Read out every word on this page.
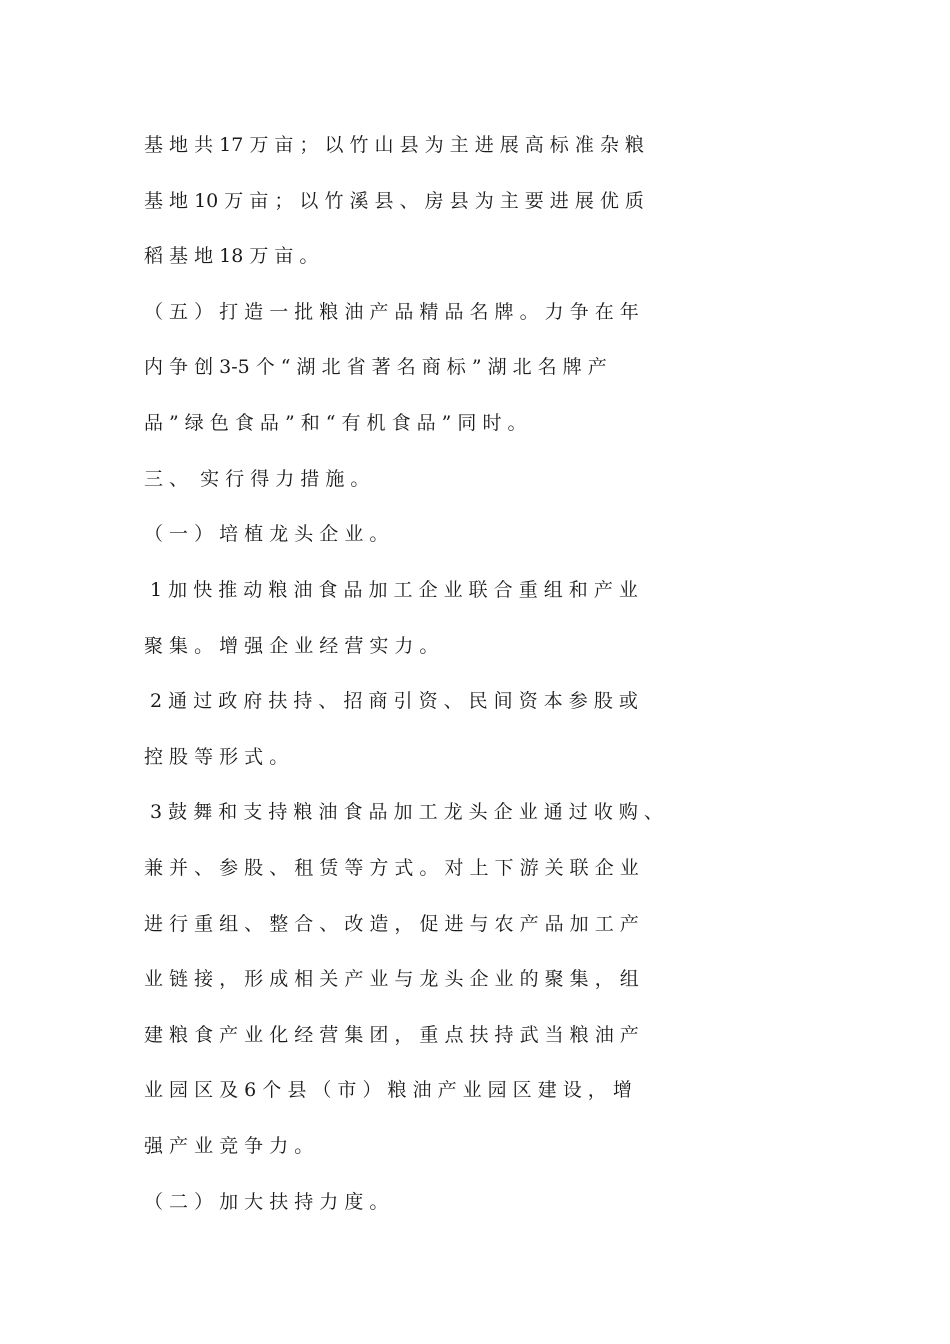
基 地 共 17 万 亩 ； 以 竹 山 县 为 主 进 展 高 标 准 杂 粮
基 地 10 万 亩 ； 以 竹 溪 县 、 房 县 为 主 要 进 展 优 质
稻 基 地 18 万 亩 。
（ 五 ） 打 造 一 批 粮 油 产 品 精 品 名 牌 。 力 争 在 年
内 争 创 3-5 个 “ 湖 北 省 著 名 商 标 ” 湖 北 名 牌 产
品 ” 绿 色 食 品 ” 和 “ 有 机 食 品 ” 同 时 。
三 、  实 行 得 力 措 施 。
（ 一 ） 培 植 龙 头 企 业 。
1 加 快 推 动 粮 油 食 品 加 工 企 业 联 合 重 组 和 产 业
聚 集 。 增 强 企 业 经 营 实 力 。
2 通 过 政 府 扶 持 、 招 商 引 资 、 民 间 资 本 参 股 或
控 股 等 形 式 。
3 鼓 舞 和 支 持 粮 油 食 品 加 工 龙 头 企 业 通 过 收 购 、
兼 并 、 参 股 、 租 赁 等 方 式 。 对 上 下 游 关 联 企 业
进 行 重 组 、 整 合 、 改 造 ， 促 进 与 农 产 品 加 工 产
业 链 接 ， 形 成 相 关 产 业 与 龙 头 企 业 的 聚 集 ， 组
建 粮 食 产 业 化 经 营 集 团 ， 重 点 扶 持 武 当 粮 油 产
业 园 区 及 6 个 县 （ 市 ） 粮 油 产 业 园 区 建 设 ， 增
强 产 业 竞 争 力 。
（ 二 ） 加 大 扶 持 力 度 。
